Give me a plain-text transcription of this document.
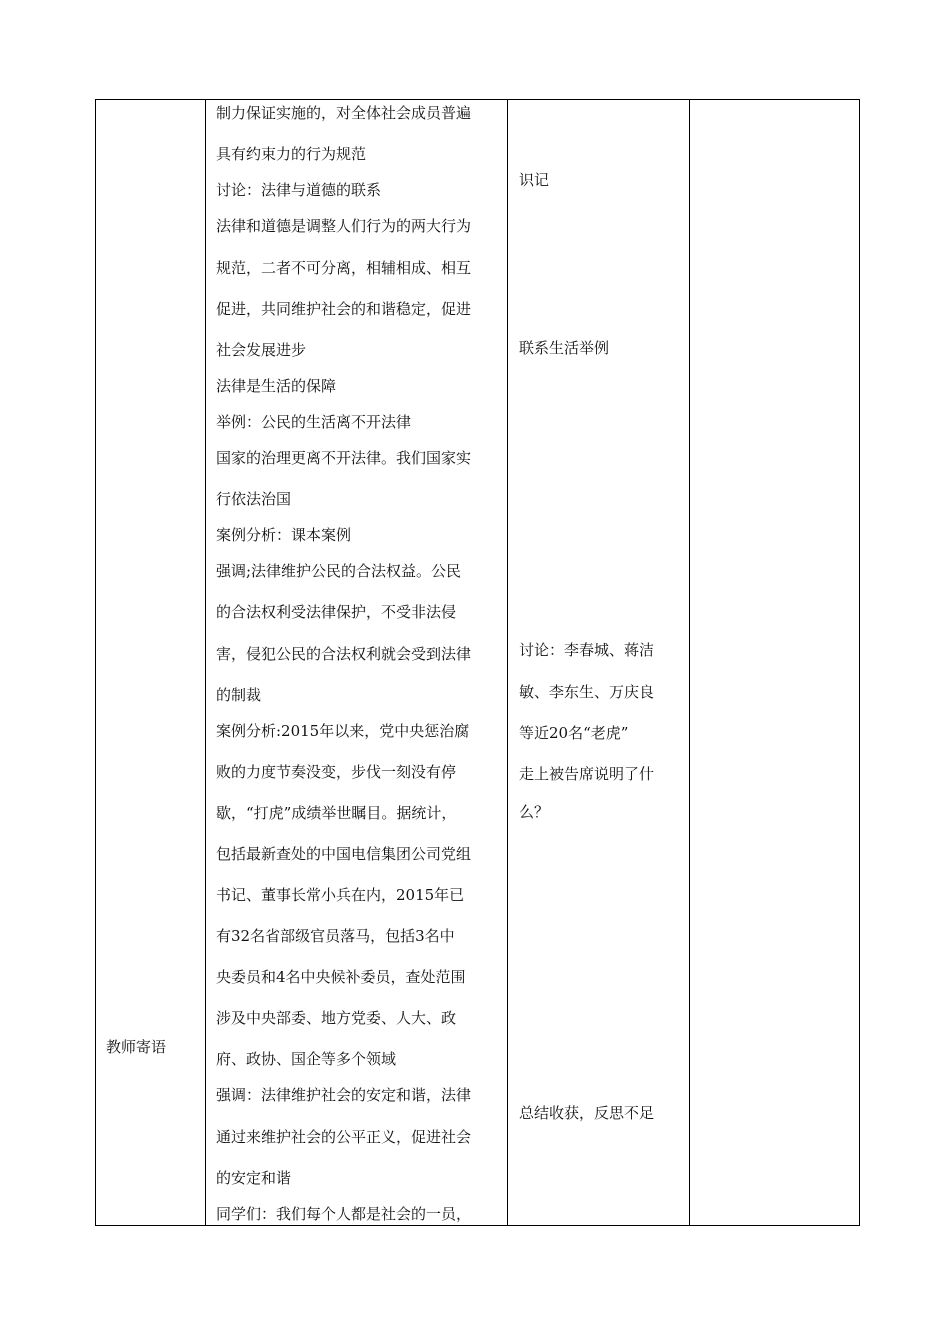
教师寄语
制力保证实施的，对全体社会成员普遍
具有约束力的行为规范
讨论：法律与道德的联系
法律和道德是调整人们行为的两大行为
规范，二者不可分离，相辅相成、相互
促进，共同维护社会的和谐稳定，促进
社会发展进步
法律是生活的保障
举例：公民的生活离不开法律
国家的治理更离不开法律。我们国家实
行依法治国
案例分析：课本案例
强调;法律维护公民的合法权益。公民
的合法权利受法律保护，不受非法侵
害，侵犯公民的合法权利就会受到法律
的制裁
案例分析:2015年以来，党中央惩治腐
败的力度节奏没变，步伐一刻没有停
歇，“打虎”成绩举世瞩目。据统计，
包括最新查处的中国电信集团公司党组
书记、董事长常小兵在内，2015年已
有32名省部级官员落马，包括3名中
央委员和4名中央候补委员，查处范围
涉及中央部委、地方党委、人大、政
府、政协、国企等多个领域
强调：法律维护社会的安定和谐，法律
通过来维护社会的公平正义，促进社会
的安定和谐
同学们：我们每个人都是社会的一员，
识记
联系生活举例
讨论：李春城、蒋洁
敏、李东生、万庆良
等近20名“老虎”
走上被告席说明了什
么？
总结收获，反思不足
